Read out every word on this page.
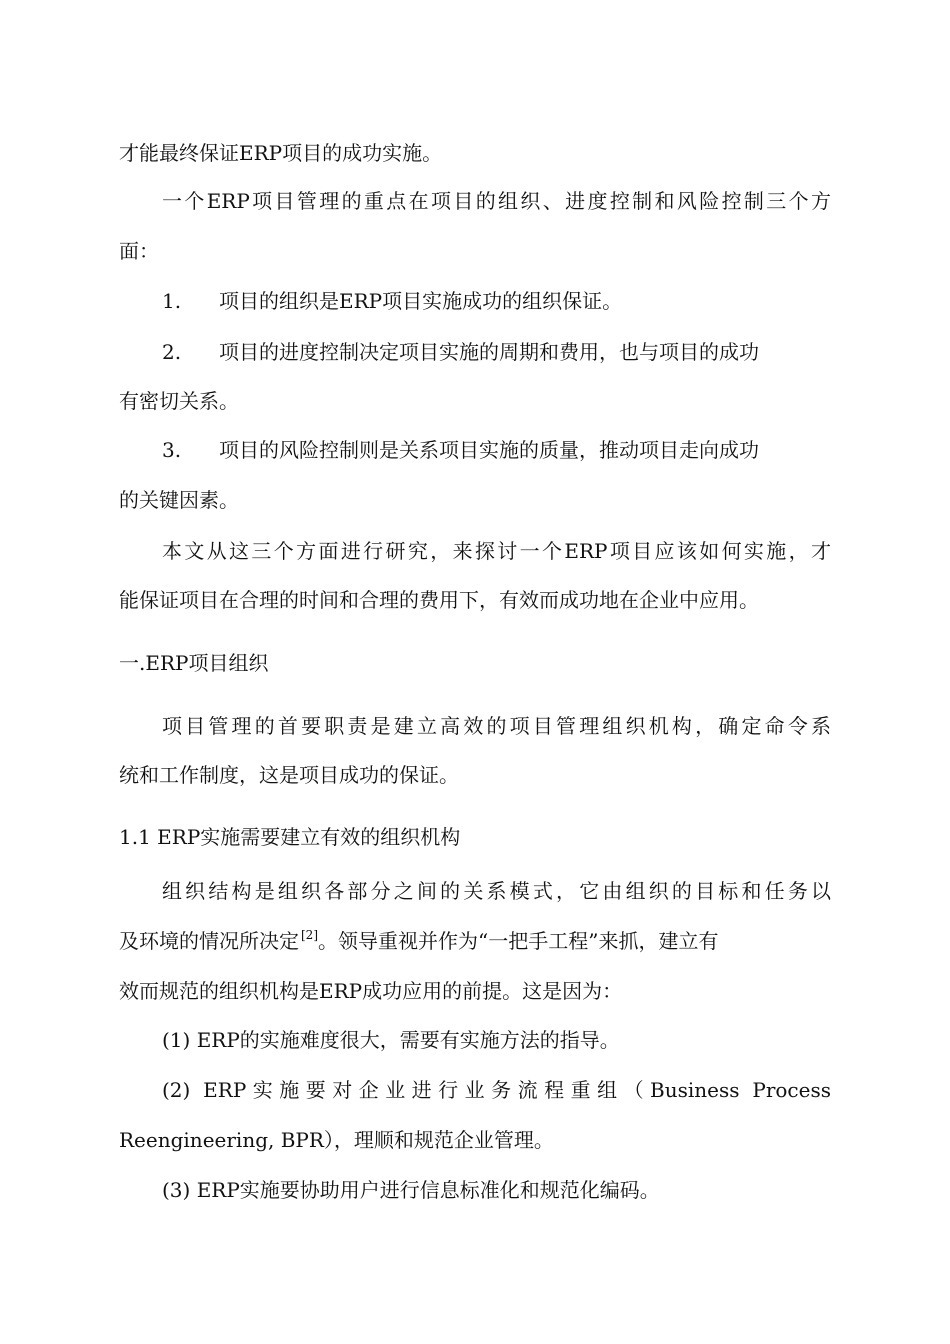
才能最终保证ERP项目的成功实施。
一个ERP项目管理的重点在项目的组织、进度控制和风险控制三个方
面：
1. 项目的组织是ERP项目实施成功的组织保证。
2. 项目的进度控制决定项目实施的周期和费用，也与项目的成功
有密切关系。
3. 项目的风险控制则是关系项目实施的质量，推动项目走向成功
的关键因素。
本文从这三个方面进行研究，来探讨一个ERP项目应该如何实施，才
能保证项目在合理的时间和合理的费用下，有效而成功地在企业中应用。
一.ERP项目组织
项目管理的首要职责是建立高效的项目管理组织机构，确定命令系
统和工作制度，这是项目成功的保证。
1.1 ERP实施需要建立有效的组织机构
组织结构是组织各部分之间的关系模式，它由组织的目标和任务以
及环境的情况所决定 [2]。领导重视并作为“一把手工程”来抓，建立有
效而规范的组织机构是ERP成功应用的前提。这是因为：
(1) ERP的实施难度很大，需要有实施方法的指导。
(2) ERP实施要对企业进行业务流程重组（Business Process
Reengineering, BPR），理顺和规范企业管理。
(3) ERP实施要协助用户进行信息标准化和规范化编码。
